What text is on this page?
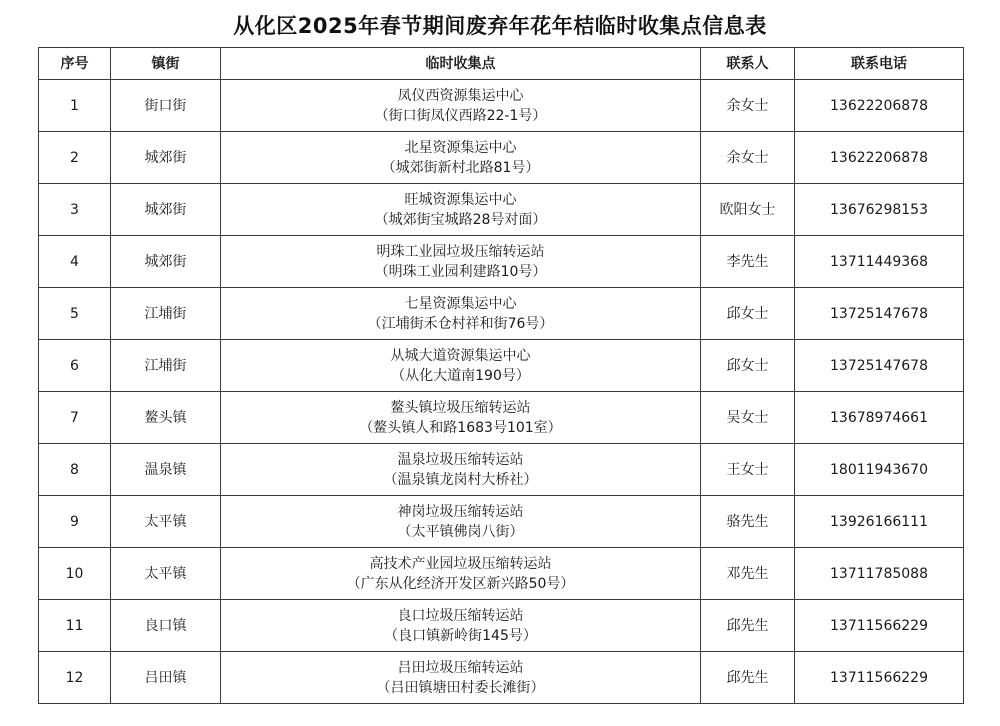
从化区2025年春节期间废弃年花年桔临时收集点信息表
序号	镇街	临时收集点	联系人	联系电话
1	街口街	凤仪西资源集运中心
（街口街凤仪西路22-1号）	余女士	13622206878
2	城郊街	北星资源集运中心
（城郊街新村北路81号）	余女士	13622206878
3	城郊街	旺城资源集运中心
（城郊街宝城路28号对面）	欧阳女士	13676298153
4	城郊街	明珠工业园垃圾压缩转运站
（明珠工业园利建路10号）	李先生	13711449368
5	江埔街	七星资源集运中心
（江埔街禾仓村祥和街76号）	邱女士	13725147678
6	江埔街	从城大道资源集运中心
（从化大道南190号）	邱女士	13725147678
7	鳌头镇	鳌头镇垃圾压缩转运站
（鳌头镇人和路1683号101室）	吴女士	13678974661
8	温泉镇	温泉垃圾压缩转运站
（温泉镇龙岗村大桥社）	王女士	18011943670
9	太平镇	神岗垃圾压缩转运站
（太平镇佛岗八街）	骆先生	13926166111
10	太平镇	高技术产业园垃圾压缩转运站
（广东从化经济开发区新兴路50号）	邓先生	13711785088
11	良口镇	良口垃圾压缩转运站
（良口镇新岭街145号）	邱先生	13711566229
12	吕田镇	吕田垃圾压缩转运站
（吕田镇塘田村委长滩街）	邱先生	13711566229
